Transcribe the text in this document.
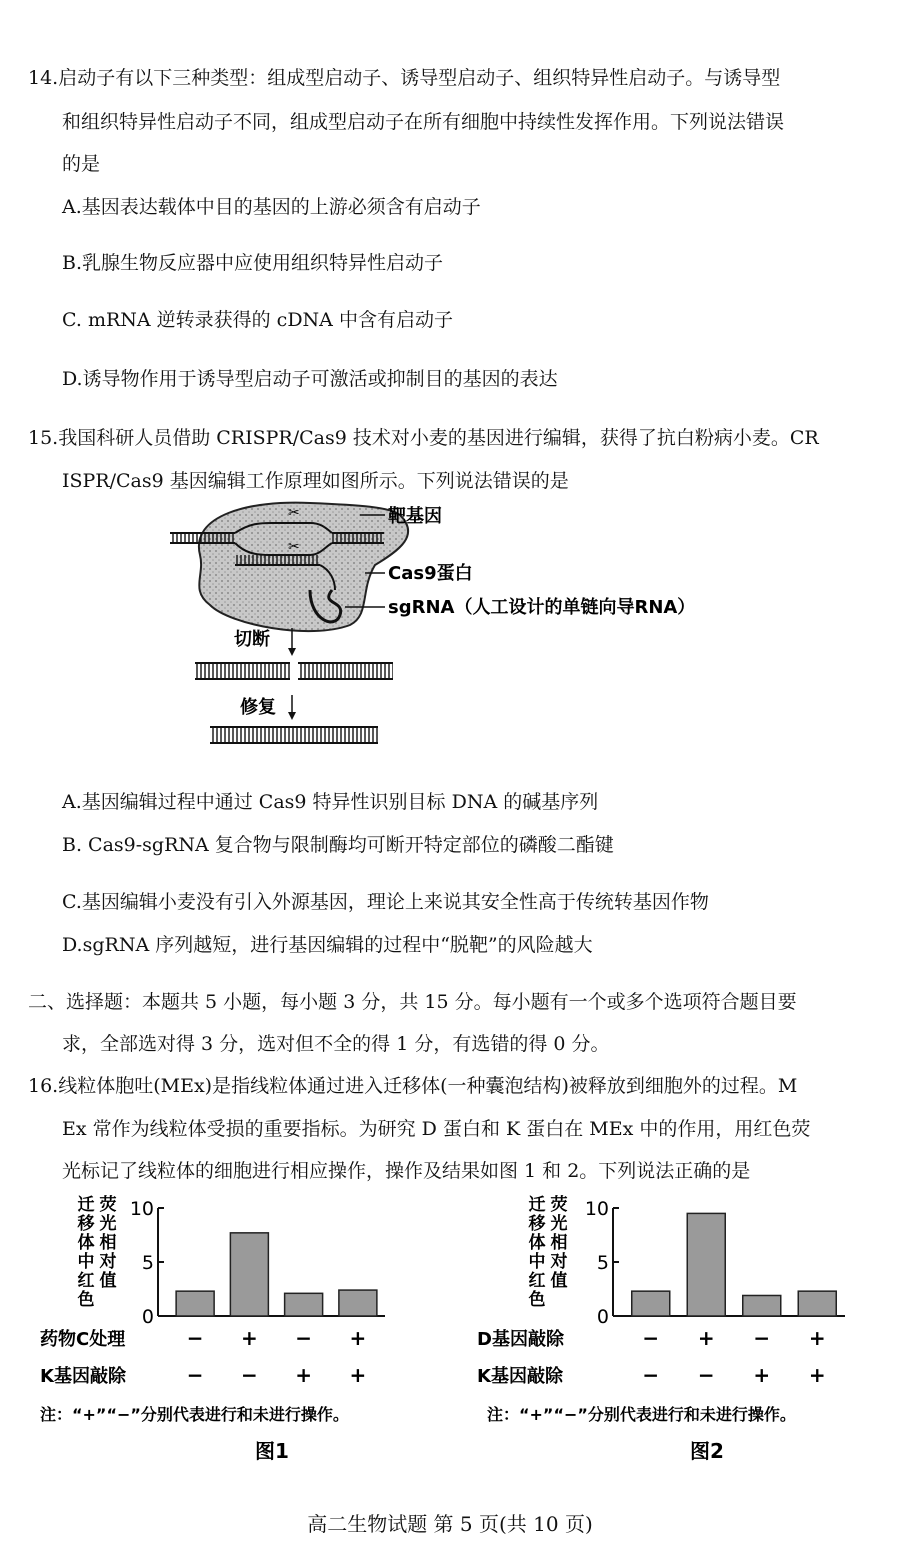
14.启动子有以下三种类型：组成型启动子、诱导型启动子、组织特异性启动子。与诱导型
和组织特异性启动子不同，组成型启动子在所有细胞中持续性发挥作用。下列说法错误
的是
A.基因表达载体中目的基因的上游必须含有启动子
B.乳腺生物反应器中应使用组织特异性启动子
C. mRNA 逆转录获得的 cDNA 中含有启动子
D.诱导物作用于诱导型启动子可激活或抑制目的基因的表达
15.我国科研人员借助 CRISPR/Cas9 技术对小麦的基因进行编辑，获得了抗白粉病小麦。CR
ISPR/Cas9 基因编辑工作原理如图所示。下列说法错误的是
✂
✂
靶基因
Cas9蛋白
sgRNA（人工设计的单链向导RNA）
切断
修复
A.基因编辑过程中通过 Cas9 特异性识别目标 DNA 的碱基序列
B. Cas9-sgRNA 复合物与限制酶均可断开特定部位的磷酸二酯键
C.基因编辑小麦没有引入外源基因，理论上来说其安全性高于传统转基因作物
D.sgRNA 序列越短，进行基因编辑的过程中“脱靶”的风险越大
二、选择题：本题共 5 小题，每小题 3 分，共 15 分。每小题有一个或多个选项符合题目要
求，全部选对得 3 分，选对但不全的得 1 分，有选错的得 0 分。
16.线粒体胞吐(MEx)是指线粒体通过进入迁移体(一种囊泡结构)被释放到细胞外的过程。M
Ex 常作为线粒体受损的重要指标。为研究 D 蛋白和 K 蛋白在 MEx 中的作用，用红色荧
光标记了线粒体的细胞进行相应操作，操作及结果如图 1 和 2。下列说法正确的是
迁
移
体
中
红
色
荧
光
相
对
值
0
5
10
−
−
+
−
−
+
+
+
药物C处理
K基因敲除
注：“+”“−”分别代表进行和未进行操作。
图1
迁
移
体
中
红
色
荧
光
相
对
值
0
5
10
−
−
+
−
−
+
+
+
D基因敲除
K基因敲除
注：“+”“−”分别代表进行和未进行操作。
图2
高二生物试题 第 5 页(共 10 页)
